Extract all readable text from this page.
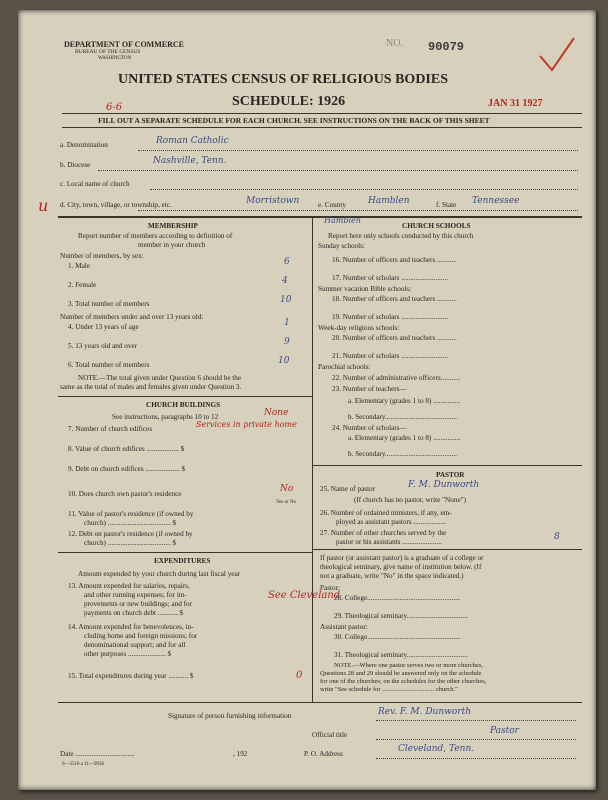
DEPARTMENT OF COMMERCE
BUREAU OF THE CENSUS
WASHINGTON
NO. 90079
UNITED STATES CENSUS OF RELIGIOUS BODIES
SCHEDULE: 1926	JAN 31 1927
6-6
FILL OUT A SEPARATE SCHEDULE FOR EACH CHURCH. SEE INSTRUCTIONS ON THE BACK OF THIS SHEET
a. Denomination	Roman Catholic
b. Diocese	Nashville, Tenn.
c. Local name of church
u d. City, town, village, or township, etc.	Morristown	e. County Hamblen	f. State Tennessee
MEMBERSHIP
Report number of members according to definition of
member in your church
Number of members, by sex:
1. Male	6
2. Female	4
3. Total number of members	10
Number of members under and over 13 years old:
4. Under 13 years of age	1
5. 13 years old and over	9
6. Total number of members	10
NOTE.—The total given under Question 6 should be the
same as the total of males and females given under Question 3.
CHURCH BUILDINGS
See instructions, paragraphs 10 to 12	None
7. Number of church edifices	Services in private home
8. Value of church edifices .................. $
9. Debt on church edifices ................... $
10. Does church own pastor's residence	No
Yes or No
11. Value of pastor's residence (if owned by
church) ................................... $
12. Debt on pastor's residence (if owned by
church) ................................... $
EXPENDITURES
Amount expended by your church during last fiscal year
13. Amount expended for salaries, repairs,
and other running expenses; for im-
provements or new buildings; and for
payments on church debt ........... $
14. Amount expended for benevolences, in-
cluding home and foreign missions; for
denominational support; and for all
other purposes ..................... $
See Cleveland
15. Total expenditures during year ........... $	0
Hamblen
CHURCH SCHOOLS
Report here only schools conducted by this church
Sunday schools:
16. Number of officers and teachers ...........
17. Number of scholars ..........................
Summer vacation Bible schools:
18. Number of officers and teachers ...........
19. Number of scholars ..........................
Week-day religious schools:
20. Number of officers and teachers ...........
21. Number of scholars ..........................
Parochial schools:
22. Number of administrative officers...........
23. Number of teachers—
a. Elementary (grades 1 to 8) ...............
b. Secondary........................................
24. Number of scholars—
a. Elementary (grades 1 to 8) ...............
b. Secondary........................................
PASTOR
25. Name of pastor	F. M. Dunworth
(If church has no pastor, write "None")
26. Number of ordained ministers, if any, em-
ployed as assistant pastors ..................
27. Number of other churches served by the
pastor or his assistants ......................	8
If pastor (or assistant pastor) is a graduate of a college or
theological seminary, give name of institution below. (If
not a graduate, write "No" in the space indicated.)
Pastor:
28. College....................................................
29. Theological seminary..................................
Assistant pastor:
30. College....................................................
31. Theological seminary..................................
NOTE.—Where one pastor serves two or more churches,
Questions 28 and 29 should be answered only on the schedule
for one of the churches; on the schedules for the other churches,
write "See schedule for ................................ church."
Signature of person furnishing information	Rev. F. M. Dunworth
Official title	Pastor
Date .................................	, 192	P. O. Address	Cleveland, Tenn.
6—3518 a 11—9936
